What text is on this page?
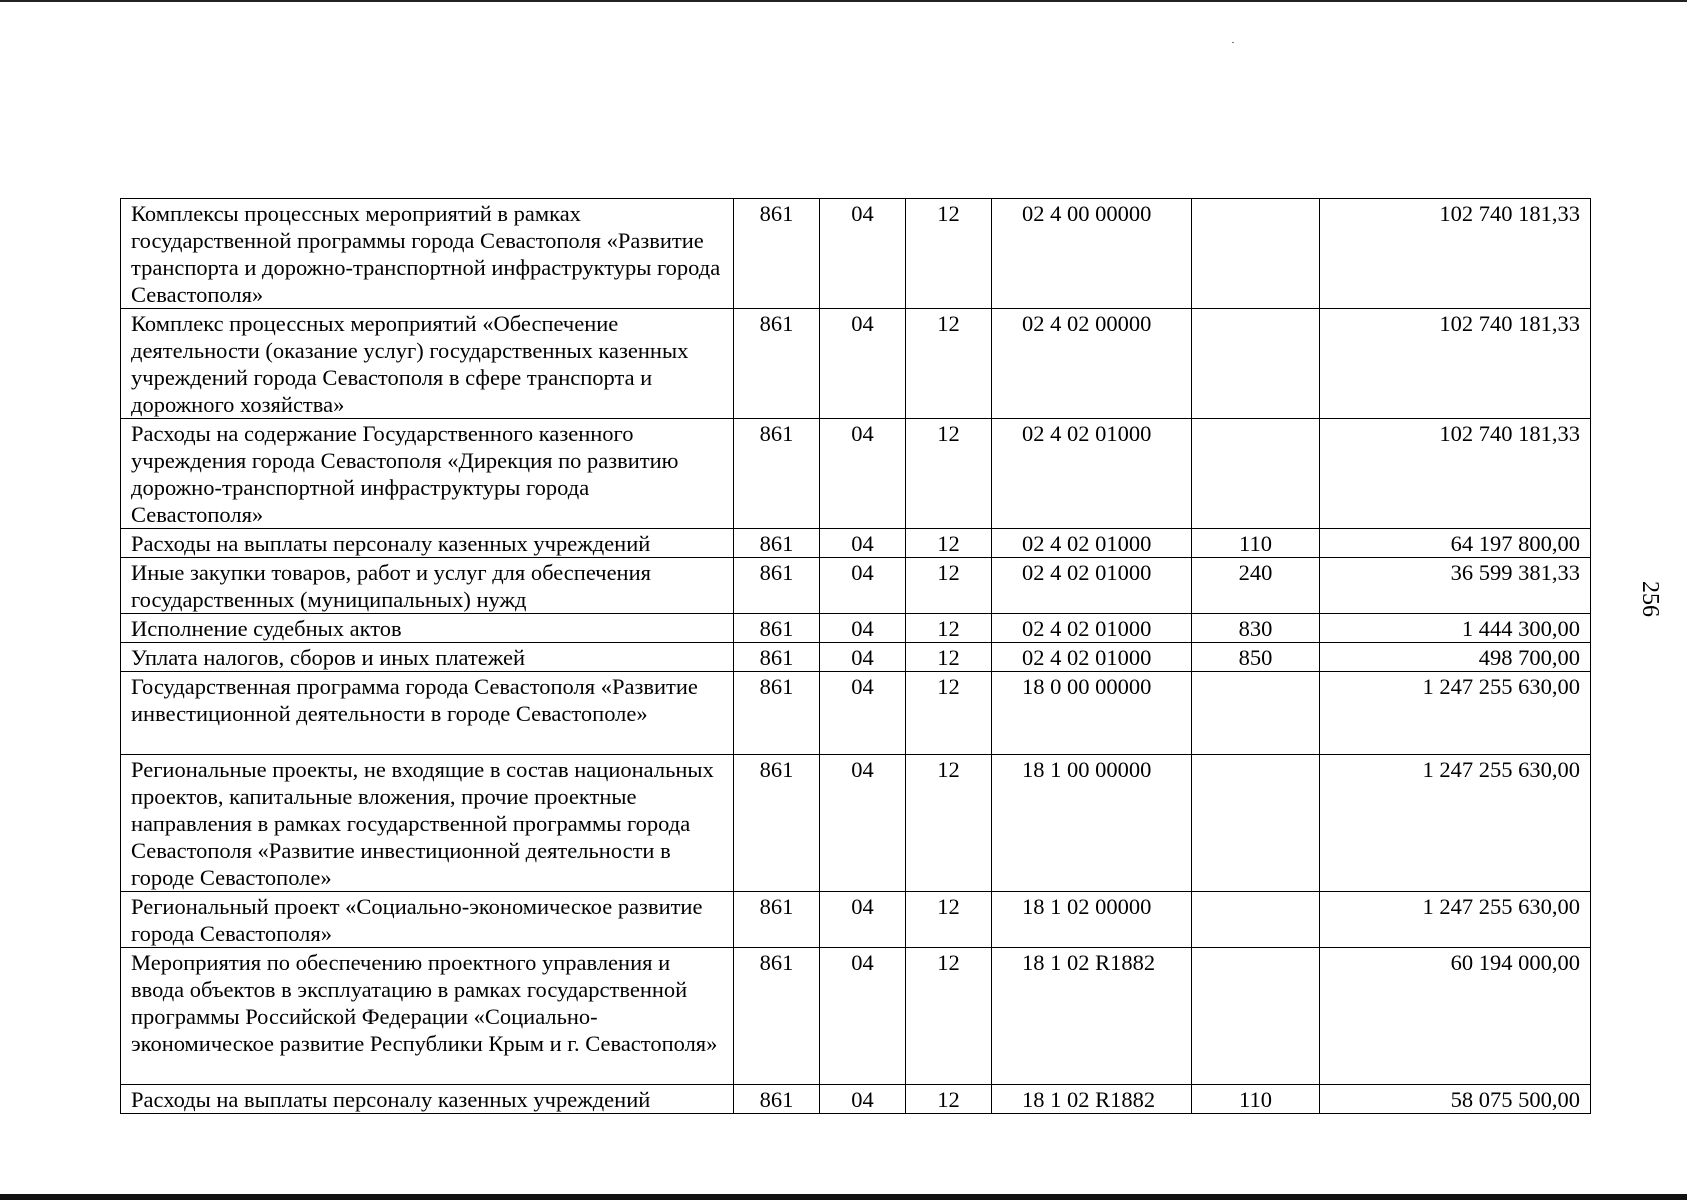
Комплексы процессных мероприятий в рамках государственной программы города Севастополя «Развитие транспорта и дорожно-транспортной инфраструктуры города Севастополя»	861	04	12	02 4 00 00000		102 740 181,33
Комплекс процессных мероприятий «Обеспечение деятельности (оказание услуг) государственных казенных учреждений города Севастополя в сфере транспорта и дорожного хозяйства»	861	04	12	02 4 02 00000		102 740 181,33
Расходы на содержание Государственного казенного учреждения города Севастополя «Дирекция по развитию дорожно-транспортной инфраструктуры города Севастополя»	861	04	12	02 4 02 01000		102 740 181,33
Расходы на выплаты персоналу казенных учреждений	861	04	12	02 4 02 01000	110	64 197 800,00
Иные закупки товаров, работ и услуг для обеспечения государственных (муниципальных) нужд	861	04	12	02 4 02 01000	240	36 599 381,33
Исполнение судебных актов	861	04	12	02 4 02 01000	830	1 444 300,00
Уплата налогов, сборов и иных платежей	861	04	12	02 4 02 01000	850	498 700,00
Государственная программа города Севастополя «Развитие инвестиционной деятельности в городе Севастополе»	861	04	12	18 0 00 00000		1 247 255 630,00
Региональные проекты, не входящие в состав национальных проектов, капитальные вложения, прочие проектные направления в рамках государственной программы города Севастополя «Развитие инвестиционной деятельности в городе Севастополе»	861	04	12	18 1 00 00000		1 247 255 630,00
Региональный проект «Социально-экономическое развитие города Севастополя»	861	04	12	18 1 02 00000		1 247 255 630,00
Мероприятия по обеспечению проектного управления и ввода объектов в эксплуатацию в рамках государственной программы Российской Федерации «Социально-экономическое развитие Республики Крым и г. Севастополя»	861	04	12	18 1 02 R1882		60 194 000,00
Расходы на выплаты персоналу казенных учреждений	861	04	12	18 1 02 R1882	110	58 075 500,00
256
